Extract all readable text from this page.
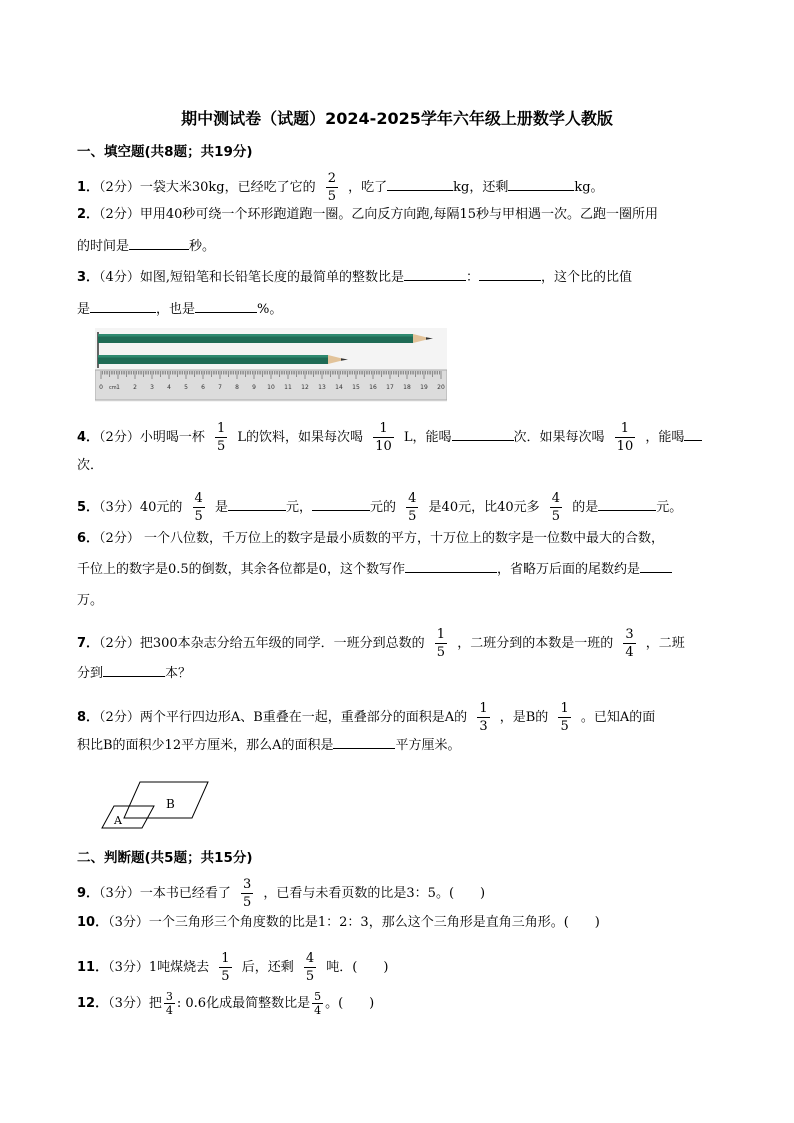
期中测试卷（试题）2024-2025学年六年级上册数学人教版
一、填空题(共8题；共19分)
1．（2分）一袋大米30kg，已经吃了它的 $\frac{2}{5}$ ，吃了	kg，还剩	kg。
2．（2分）甲用40秒可绕一个环形跑道跑一圈。乙向反方向跑,每隔15秒与甲相遇一次。乙跑一圈所用
的时间是	秒。
3．（4分）如图,短铅笔和长铅笔长度的最简单的整数比是	：	，这个比的比值
是	，也是	%。
0 cm 1 2 3 4 5 6 7 8 9 10 11 12 13 14 15 16 17 18 19 20
4．（2分）小明喝一杯 $\frac{1}{5}$ L的饮料，如果每次喝 $\frac{1}{10}$ L，能喝	次．如果每次喝 $\frac{1}{10}$ ，能喝
次．
5．（3分）40元的 $\frac{4}{5}$ 是	元，	元的 $\frac{4}{5}$ 是40元，比40元多 $\frac{4}{5}$ 的是	元。
6．（2分） 一个八位数，千万位上的数字是最小质数的平方，十万位上的数字是一位数中最大的合数，
千位上的数字是0.5的倒数，其余各位都是0，这个数写作	，省略万后面的尾数约是
万。
7．（2分）把300本杂志分给五年级的同学．一班分到总数的 $\frac{1}{5}$ ，二班分到的本数是一班的 $\frac{3}{4}$ ，二班
分到	本？
8．（2分）两个平行四边形A、B重叠在一起，重叠部分的面积是A的 $\frac{1}{3}$ ，是B的 $\frac{1}{5}$ 。已知A的面
积比B的面积少12平方厘米，那么A的面积是	平方厘米。
B
A
二、判断题(共5题；共15分)
9．（3分）一本书已经看了 $\frac{3}{5}$ ，已看与未看页数的比是3：5。(　　)
10．（3分）一个三角形三个角度数的比是1：2：3，那么这个三角形是直角三角形。(　　)
11．（3分）1吨煤烧去 $\frac{1}{5}$ 后，还剩 $\frac{4}{5}$ 吨．(　　)
12．（3分）把 $\frac{3}{4}$ : 0.6化成最简整数比是 $\frac{5}{4}$ 。(　　)
